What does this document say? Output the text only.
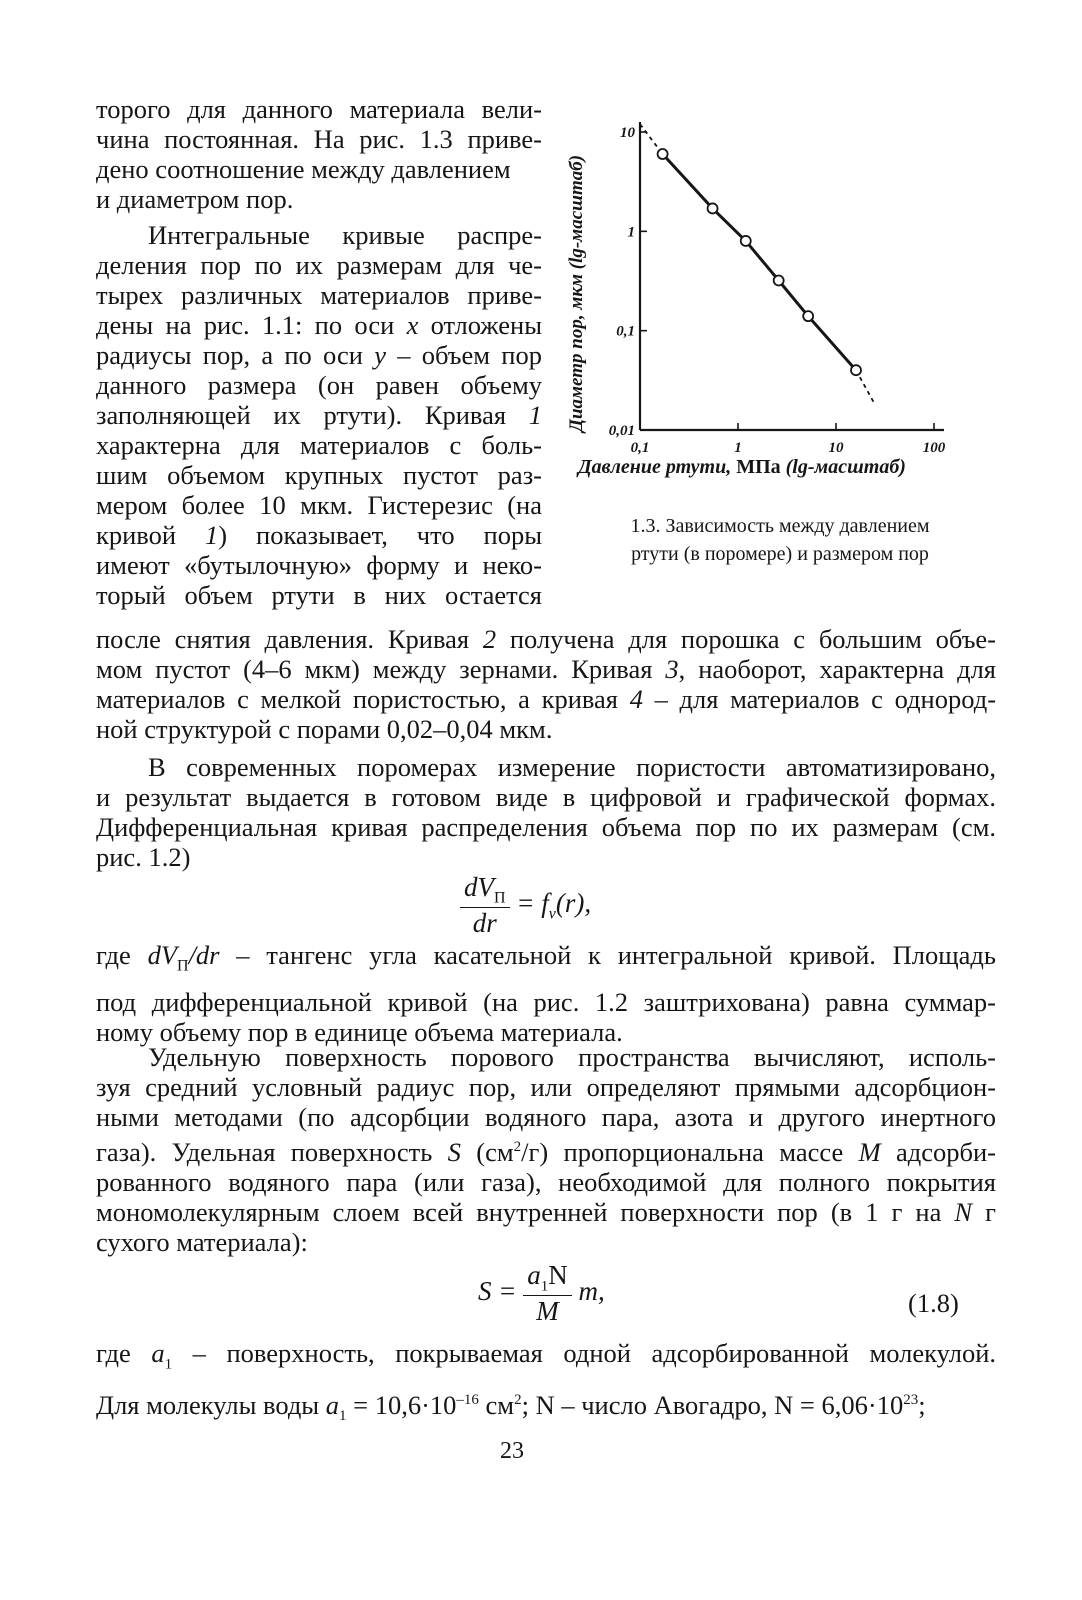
торого для данного материала вели-
чина постоянная. На рис. 1.3 приве-
дено соотношение между давлением
и диаметром пор.

Интегральные кривые распре-
деления пор по их размерам для че-
тырех различных материалов приве-
дены на рис. 1.1: по оси x отложены
радиусы пор, а по оси y – объем пор
данного размера (он равен объему
заполняющей их ртути). Кривая 1
характерна для материалов с боль-
шим объемом крупных пустот раз-
мером более 10 мкм. Гистерезис (на
кривой 1) показывает, что поры
имеют «бутылочную» форму и неко-
торый объем ртути в них остается

Диаметр пор, мкм (lg-масштаб)
0,1	1	10	100
0,01
0,1
1
10
Давление ртути, МПа (lg-масштаб)
1.3. Зависимость между давлением
ртути (в поромере) и размером пор

после снятия давления. Кривая 2 получена для порошка с большим объе-
мом пустот (4–6 мкм) между зернами. Кривая 3, наоборот, характерна для
материалов с мелкой пористостью, а кривая 4 – для материалов с однород-
ной структурой с порами 0,02–0,04 мкм.

В современных поромерах измерение пористости автоматизировано,
и результат выдается в готовом виде в цифровой и графической формах.
Дифференциальная кривая распределения объема пор по их размерам (см.
рис. 1.2)

$\frac{dV_П}{dr} = f_v(r)$,

где $dV_П/dr$ – тангенс угла касательной к интегральной кривой. Площадь
под дифференциальной кривой (на рис. 1.2 заштрихована) равна суммар-
ному объему пор в единице объема материала.

Удельную поверхность порового пространства вычисляют, исполь-
зуя средний условный радиус пор, или определяют прямыми адсорбцион-
ными методами (по адсорбции водяного пара, азота и другого инертного
газа). Удельная поверхность S $(см^2/г)$ пропорциональна массе M адсорби-
рованного водяного пара (или газа), необходимой для полного покрытия
мономолекулярным слоем всей внутренней поверхности пор (в 1 г на N г
сухого материала):

$S = \frac{a_1N}{M} m$,	(1.8)

где $a_1$ – поверхность, покрываемая одной адсорбированной молекулой.
Для молекулы воды $a_1 = 10,6\cdot 10^{-16}$ $см^2$; N – число Авогадро, $N = 6,06\cdot 10^{23}$;

23
